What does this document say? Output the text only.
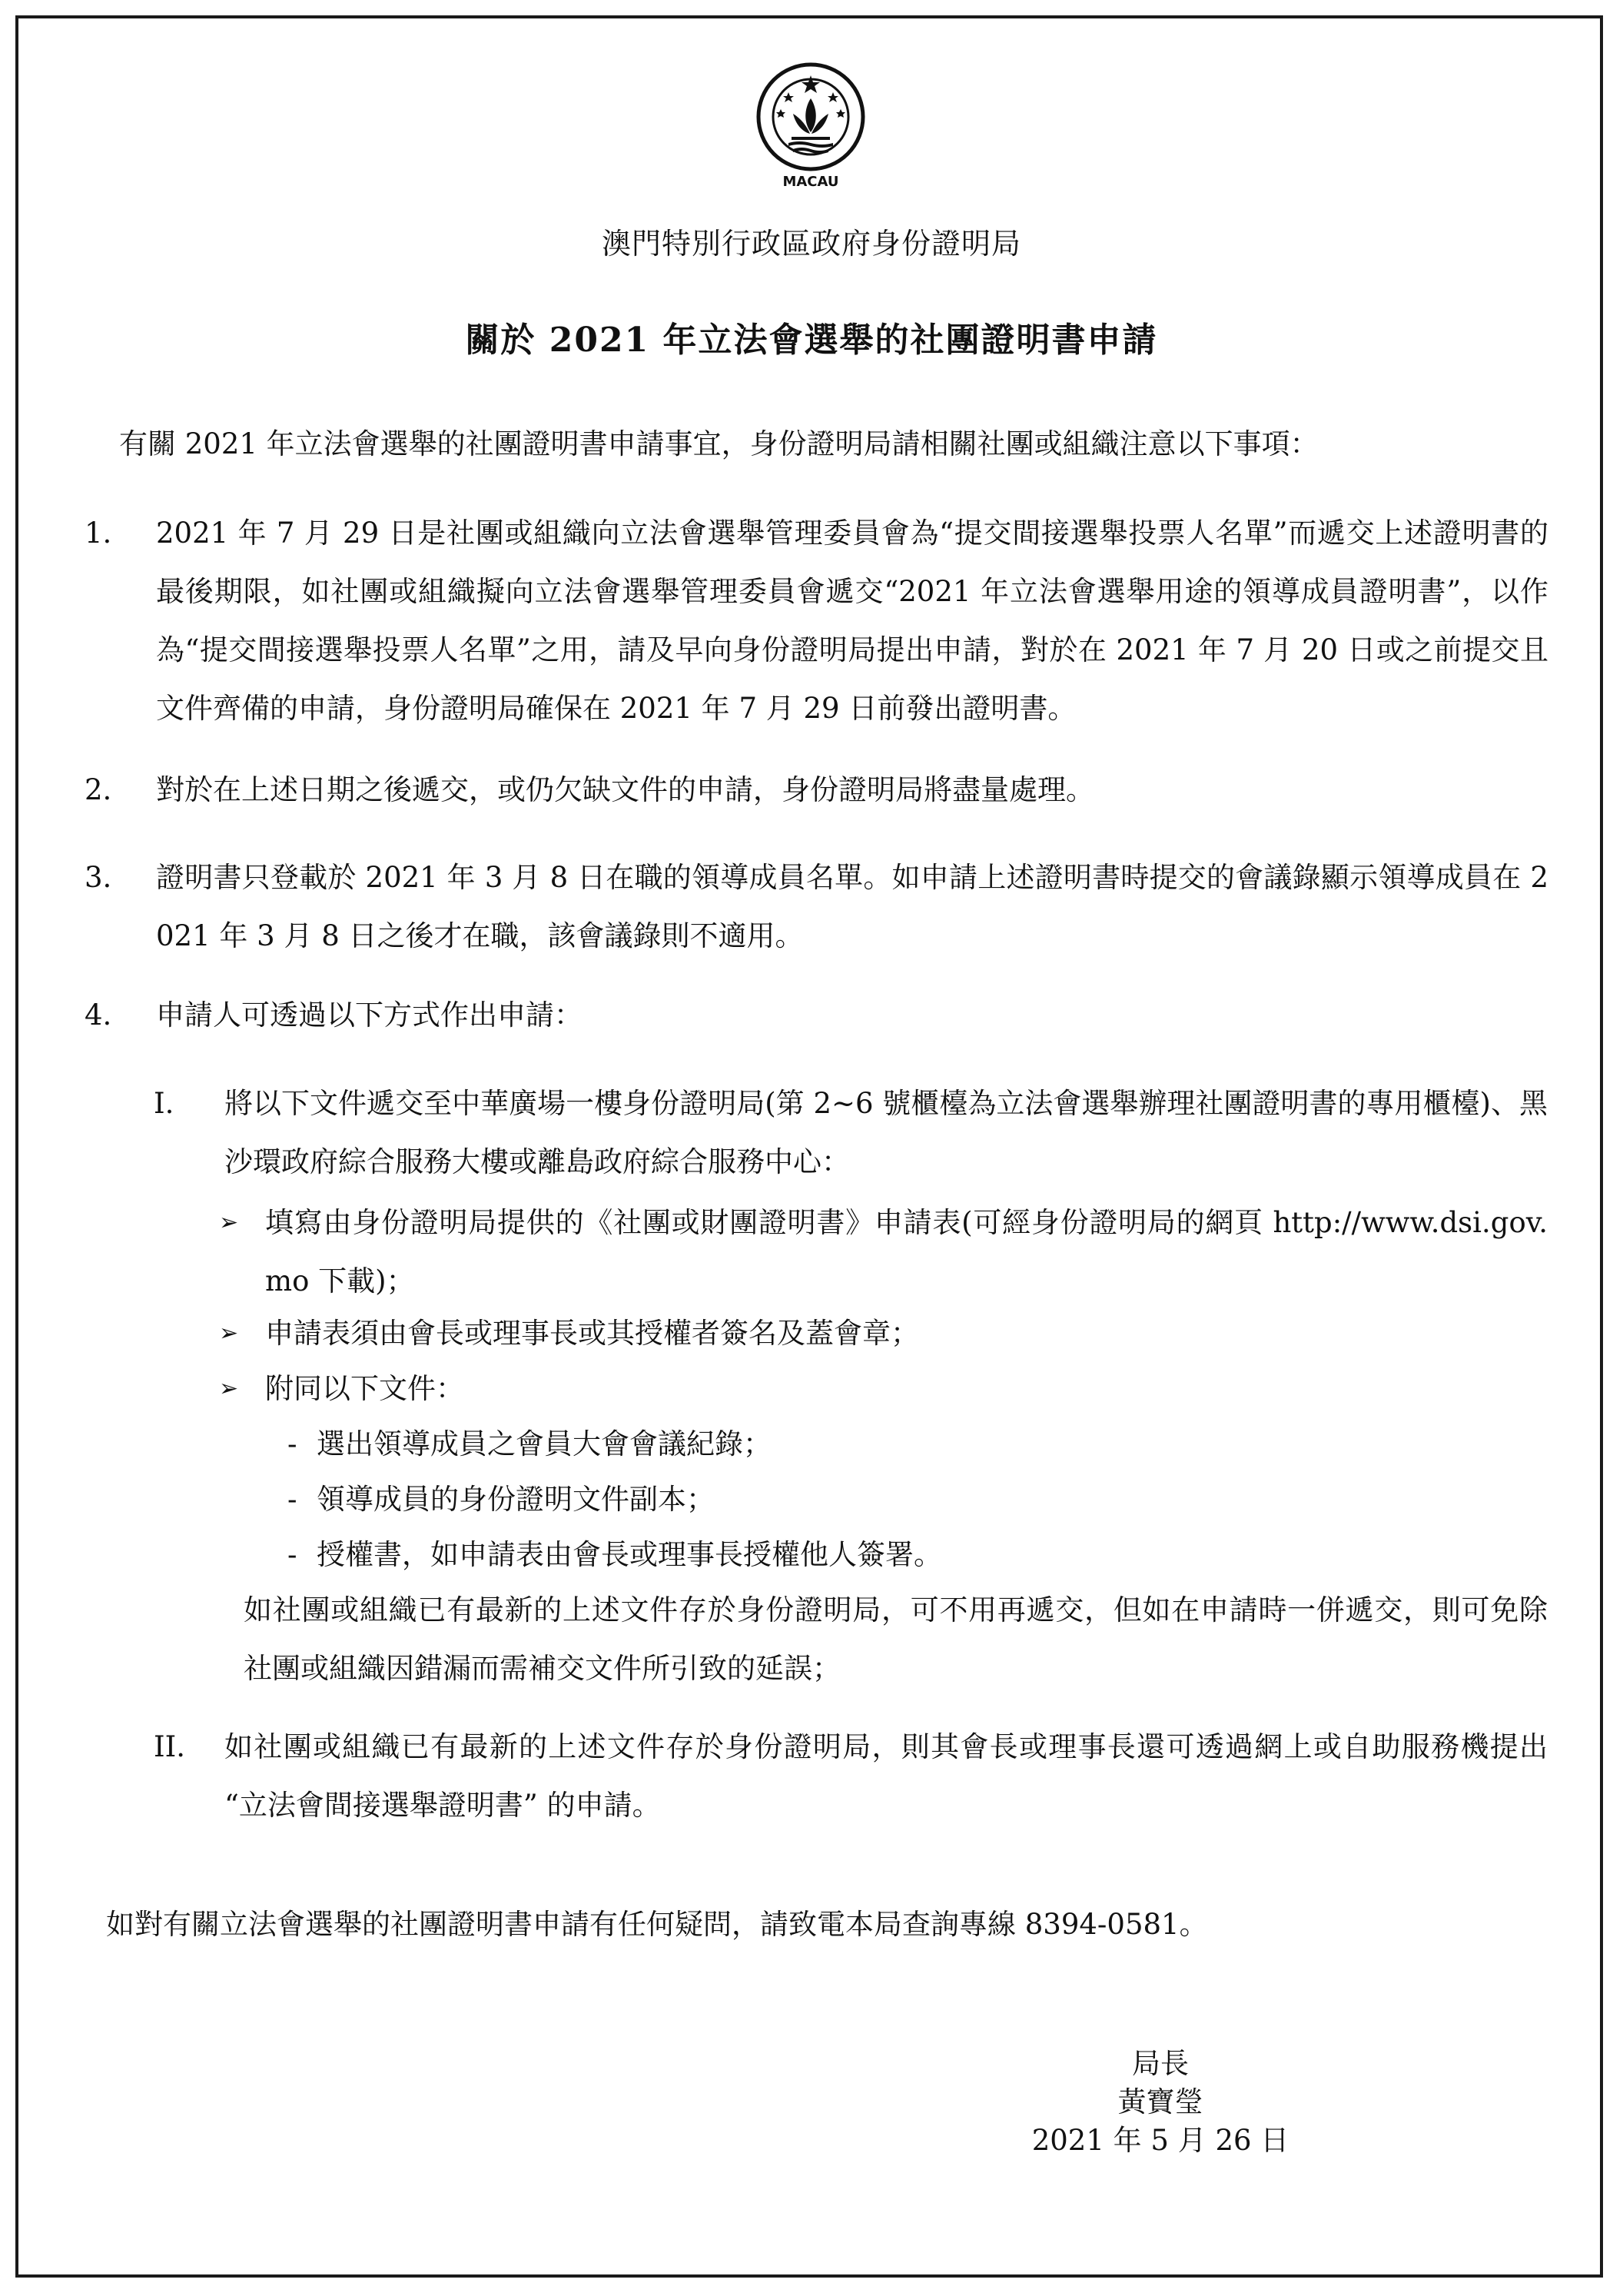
MACAU
澳門特別行政區政府身份證明局
關於 2021 年立法會選舉的社團證明書申請
有關 2021 年立法會選舉的社團證明書申請事宜，身份證明局請相關社團或組織注意以下事項：
1. 2021 年 7 月 29 日是社團或組織向立法會選舉管理委員會為“提交間接選舉投票人名單”而遞交上述證明書的最後期限，如社團或組織擬向立法會選舉管理委員會遞交“2021 年立法會選舉用途的領導成員證明書”，以作為“提交間接選舉投票人名單”之用，請及早向身份證明局提出申請，對於在 2021 年 7 月 20 日或之前提交且文件齊備的申請，身份證明局確保在 2021 年 7 月 29 日前發出證明書。
2. 對於在上述日期之後遞交，或仍欠缺文件的申請，身份證明局將盡量處理。
3. 證明書只登載於 2021 年 3 月 8 日在職的領導成員名單。如申請上述證明書時提交的會議錄顯示領導成員在 2021 年 3 月 8 日之後才在職，該會議錄則不適用。
4. 申請人可透過以下方式作出申請：
I. 將以下文件遞交至中華廣場一樓身份證明局(第 2~6 號櫃檯為立法會選舉辦理社團證明書的專用櫃檯)、黑沙環政府綜合服務大樓或離島政府綜合服務中心：
➢ 填寫由身份證明局提供的《社團或財團證明書》申請表(可經身份證明局的網頁 http://www.dsi.gov.mo 下載)；
➢ 申請表須由會長或理事長或其授權者簽名及蓋會章；
➢ 附同以下文件：
- 選出領導成員之會員大會會議紀錄；
- 領導成員的身份證明文件副本；
- 授權書，如申請表由會長或理事長授權他人簽署。
如社團或組織已有最新的上述文件存於身份證明局，可不用再遞交，但如在申請時一併遞交，則可免除社團或組織因錯漏而需補交文件所引致的延誤；
II. 如社團或組織已有最新的上述文件存於身份證明局，則其會長或理事長還可透過網上或自助服務機提出 “立法會間接選舉證明書” 的申請。
如對有關立法會選舉的社團證明書申請有任何疑問，請致電本局查詢專線 8394-0581。
局長
黃寶瑩
2021 年 5 月 26 日
